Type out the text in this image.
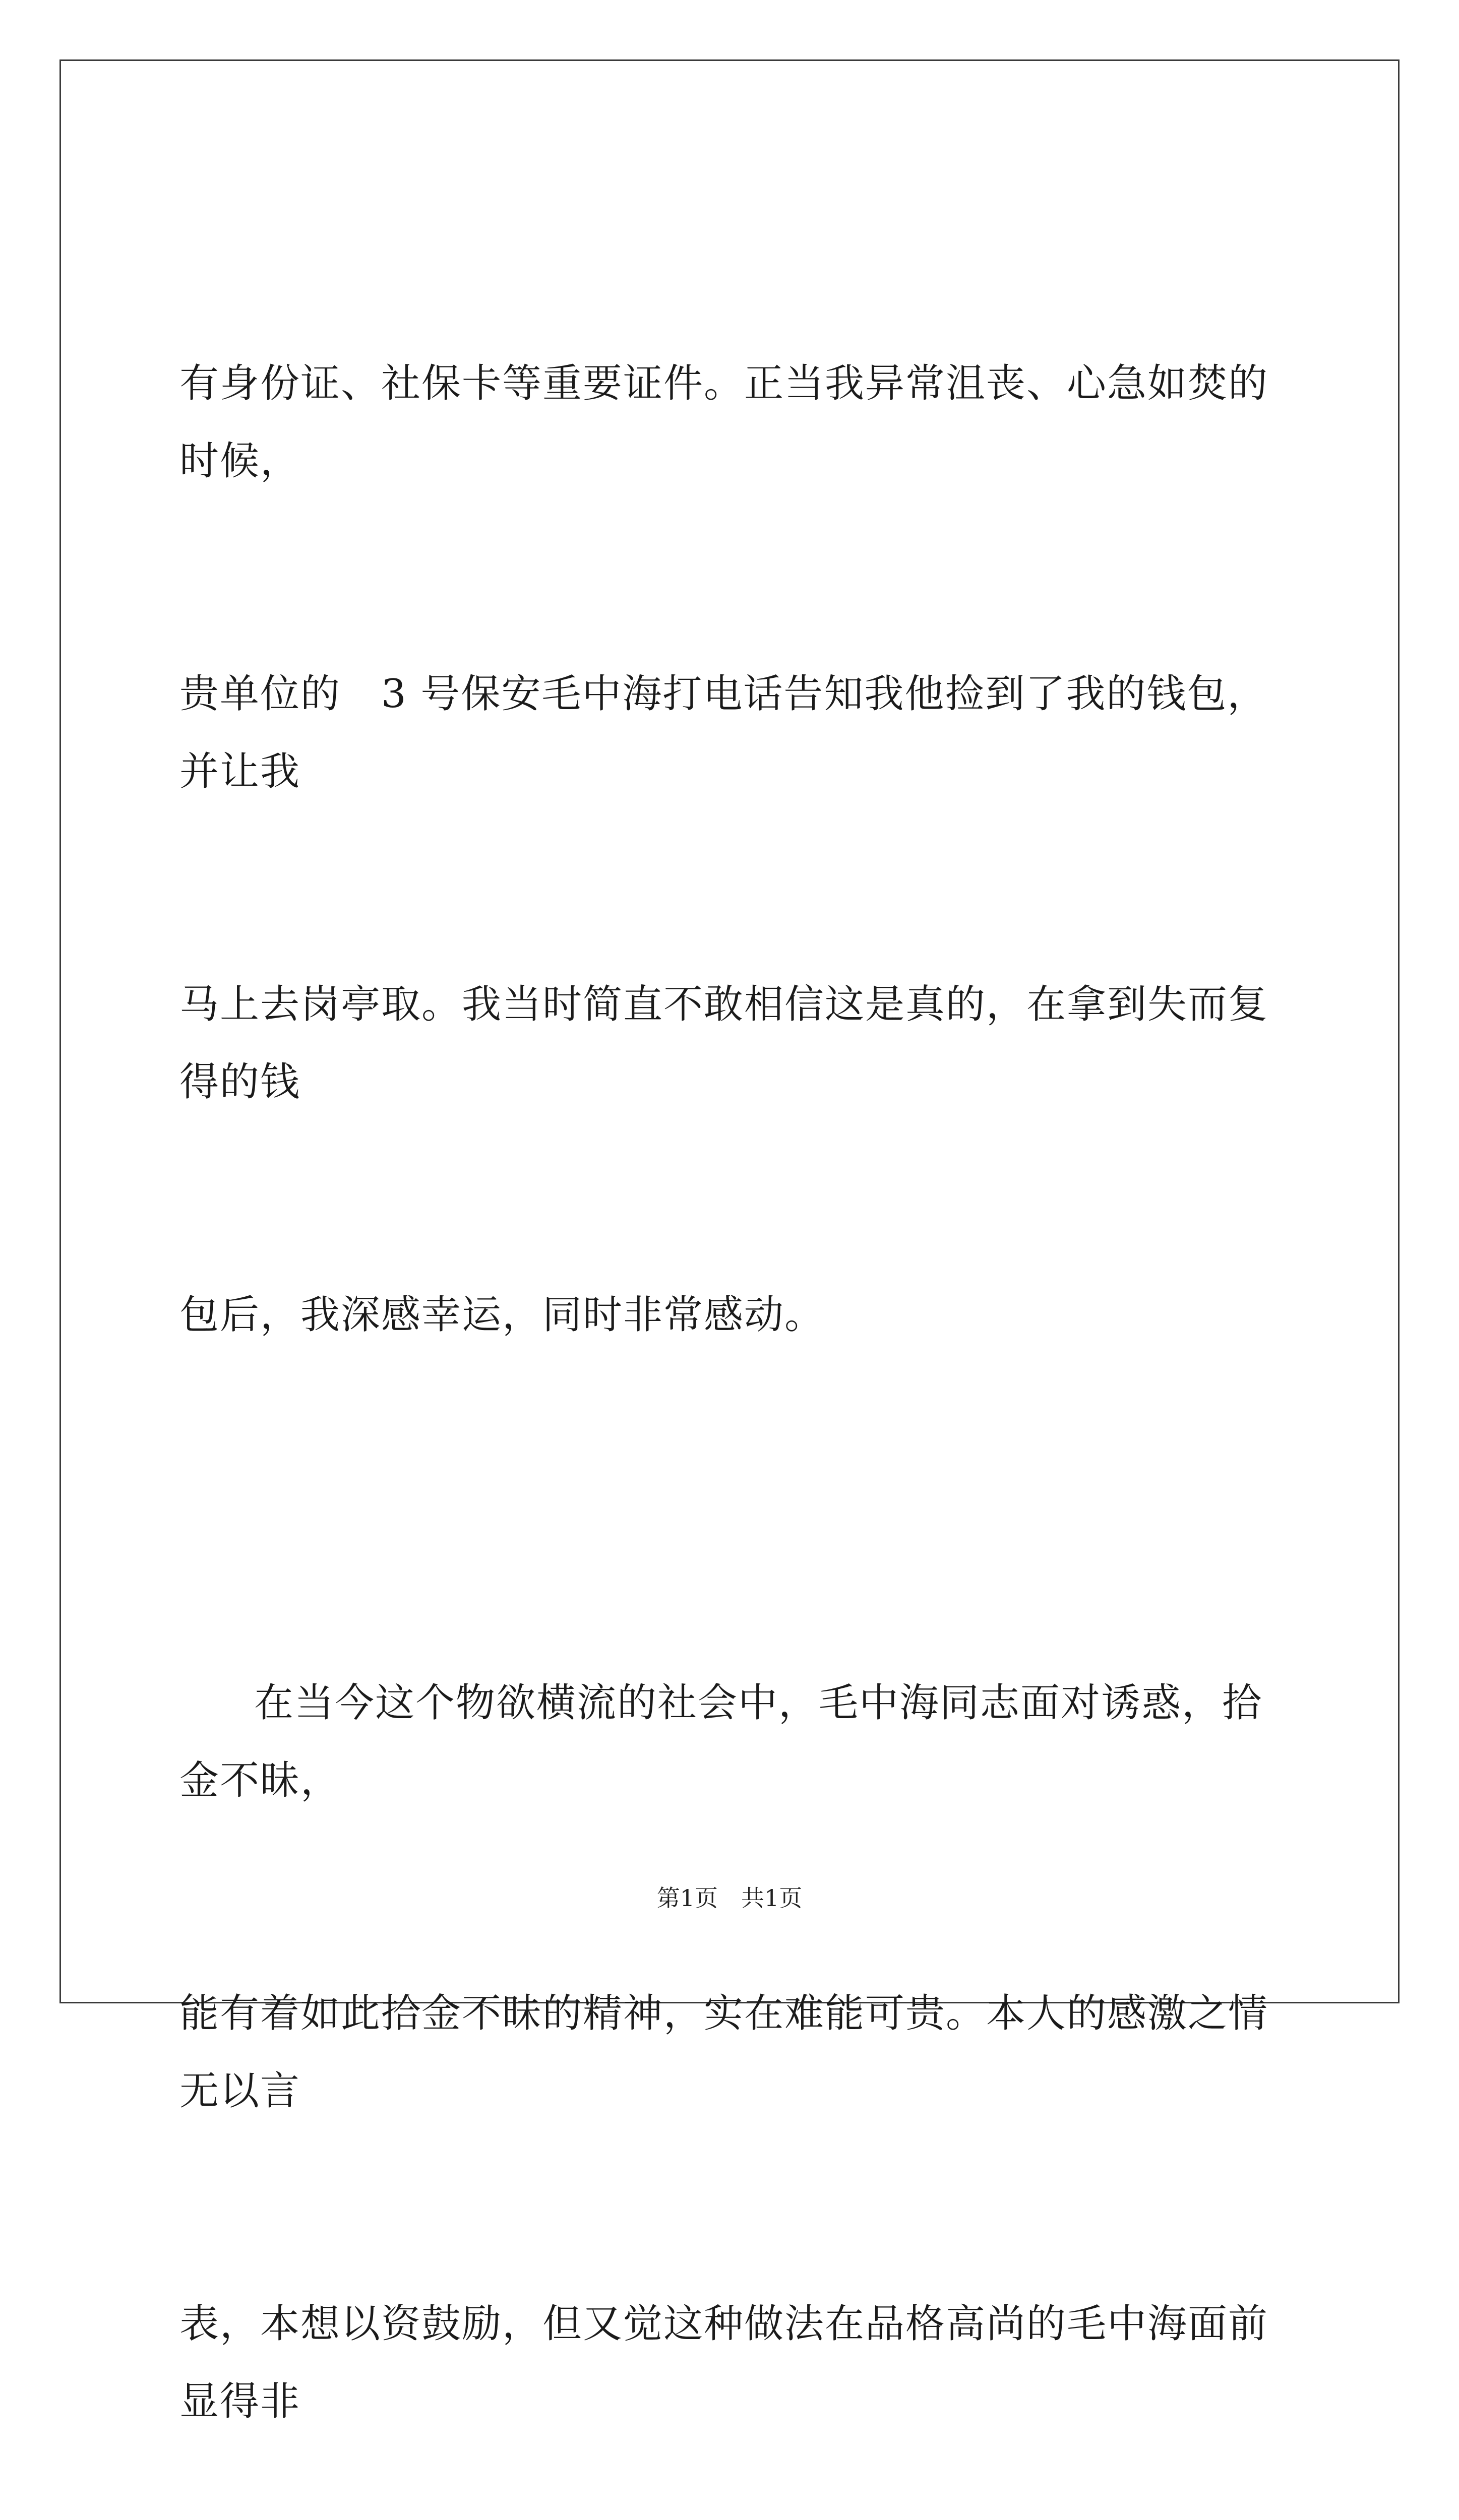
有身份证、社保卡等重要证件。正当我异常沮丧、心急如焚的时候，

贵单位的　3 号保安毛中海打电话告知我他捡到了我的钱包，并让我

马上去岗亭取。我当时简直不敢相信这是真的，在拿到失而复得的钱

包后，我深感幸运，同时非常感动。

在当今这个物欲横流的社会中，毛中海同志面对诱惑，拾金不昧，

能有着如此拾金不昧的精神，实在难能可贵。本人的感激之情无以言

表，本想以资鼓励，但又觉这种做法在品格高尚的毛中海面前显得非

第1页　共1页
